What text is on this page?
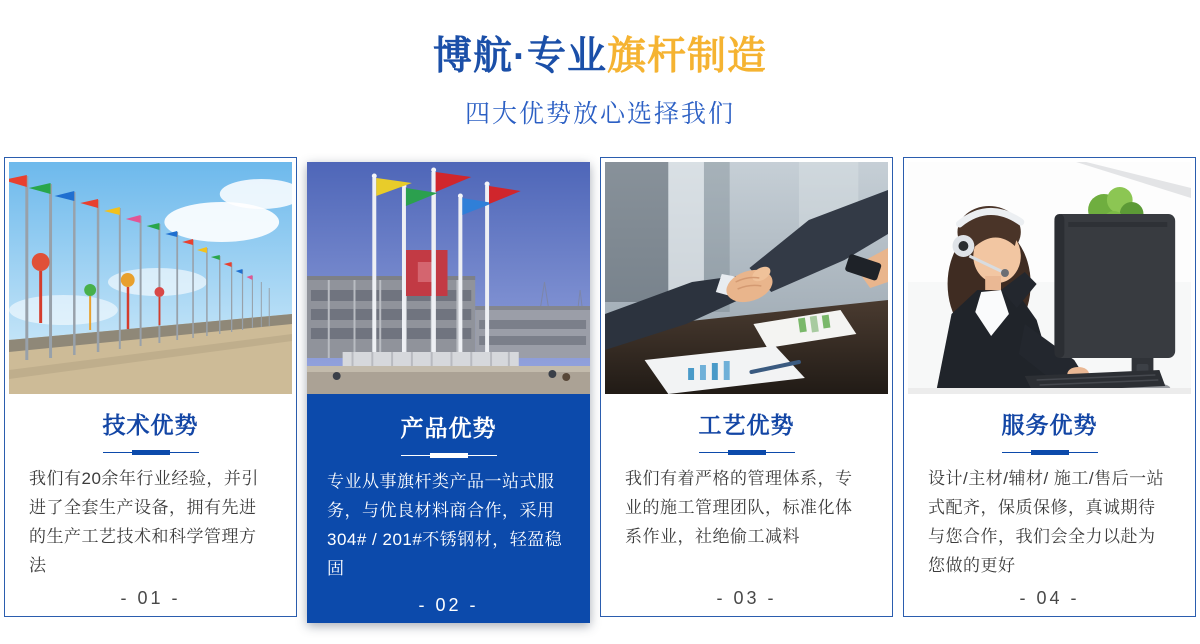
博航·专业旗杆制造
四大优势放心选择我们
技术优势
我们有20余年行业经验，并引进了全套生产设备，拥有先进的生产工艺技术和科学管理方法
- 01 -
产品优势
专业从事旗杆类产品一站式服务，与优良材料商合作，采用304# / 201#不锈钢材，轻盈稳固
- 02 -
工艺优势
我们有着严格的管理体系，专业的施工管理团队，标准化体系作业，社绝偷工减料
- 03 -
服务优势
设计/主材/辅材/ 施工/售后一站式配齐，保质保修，真诚期待与您合作，我们会全力以赴为您做的更好
- 04 -
